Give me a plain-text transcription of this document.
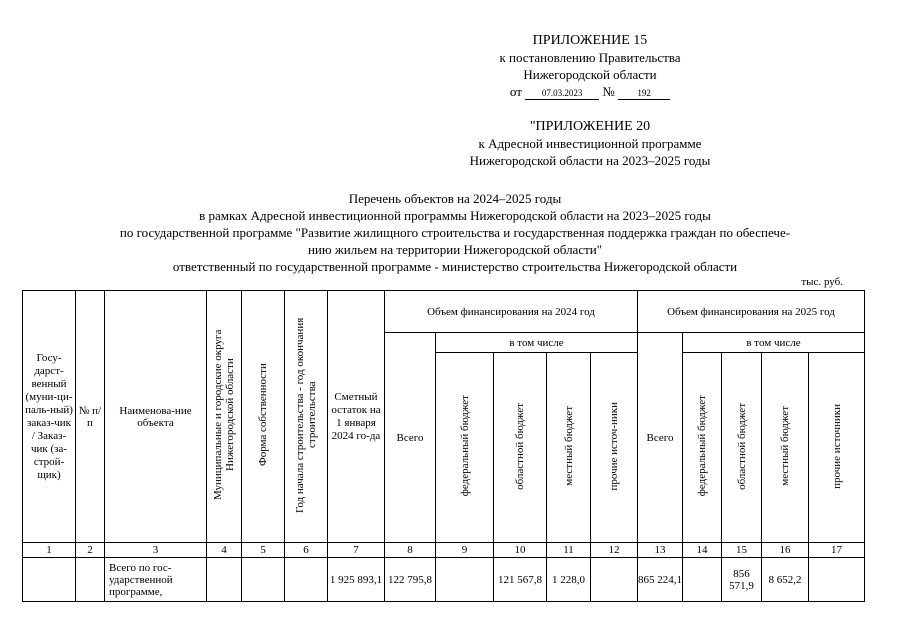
ПРИЛОЖЕНИЕ 15
к постановлению Правительства
Нижегородской области
от 07.03.2023 №	192
"ПРИЛОЖЕНИЕ 20
к Адресной инвестиционной программе
Нижегородской области на 2023–2025 годы
Перечень объектов на 2024–2025 годы
в рамках Адресной инвестиционной программы Нижегородской области на 2023–2025 годы
по государственной программе "Развитие жилищного строительства и государственная поддержка граждан по обеспече-
нию жильем на территории Нижегородской области"
ответственный по государственной программе - министерство строительства Нижегородской области
тыс. руб.
Госу-дарст-венный (муни-ци-паль-ный) заказ-чик / Заказ-чик (за-строй-щик)	№ п/п	Наименова-ние объекта	Муниципальные и городские округа Нижегородской области	Форма собственности	Год начала строительства - год окончания строительства	Сметный остаток на 1 января 2024 го-да	Объем финансирования на 2024 год					Объем финансирования на 2025 год				
							Всего	в том числе				Всего	в том числе			
								федеральный бюджет	областной бюджет	местный бюджет	прочие источ-ники		федеральный бюджет	областной бюджет	местный бюджет	прочие источники
1	2	3	4	5	6	7	8	9	10	11	12	13	14	15	16	17
		Всего по гос-ударственной программе,				1 925 893,1	122 795,8		121 567,8	1 228,0		865 224,1		856 571,9	8 652,2	
